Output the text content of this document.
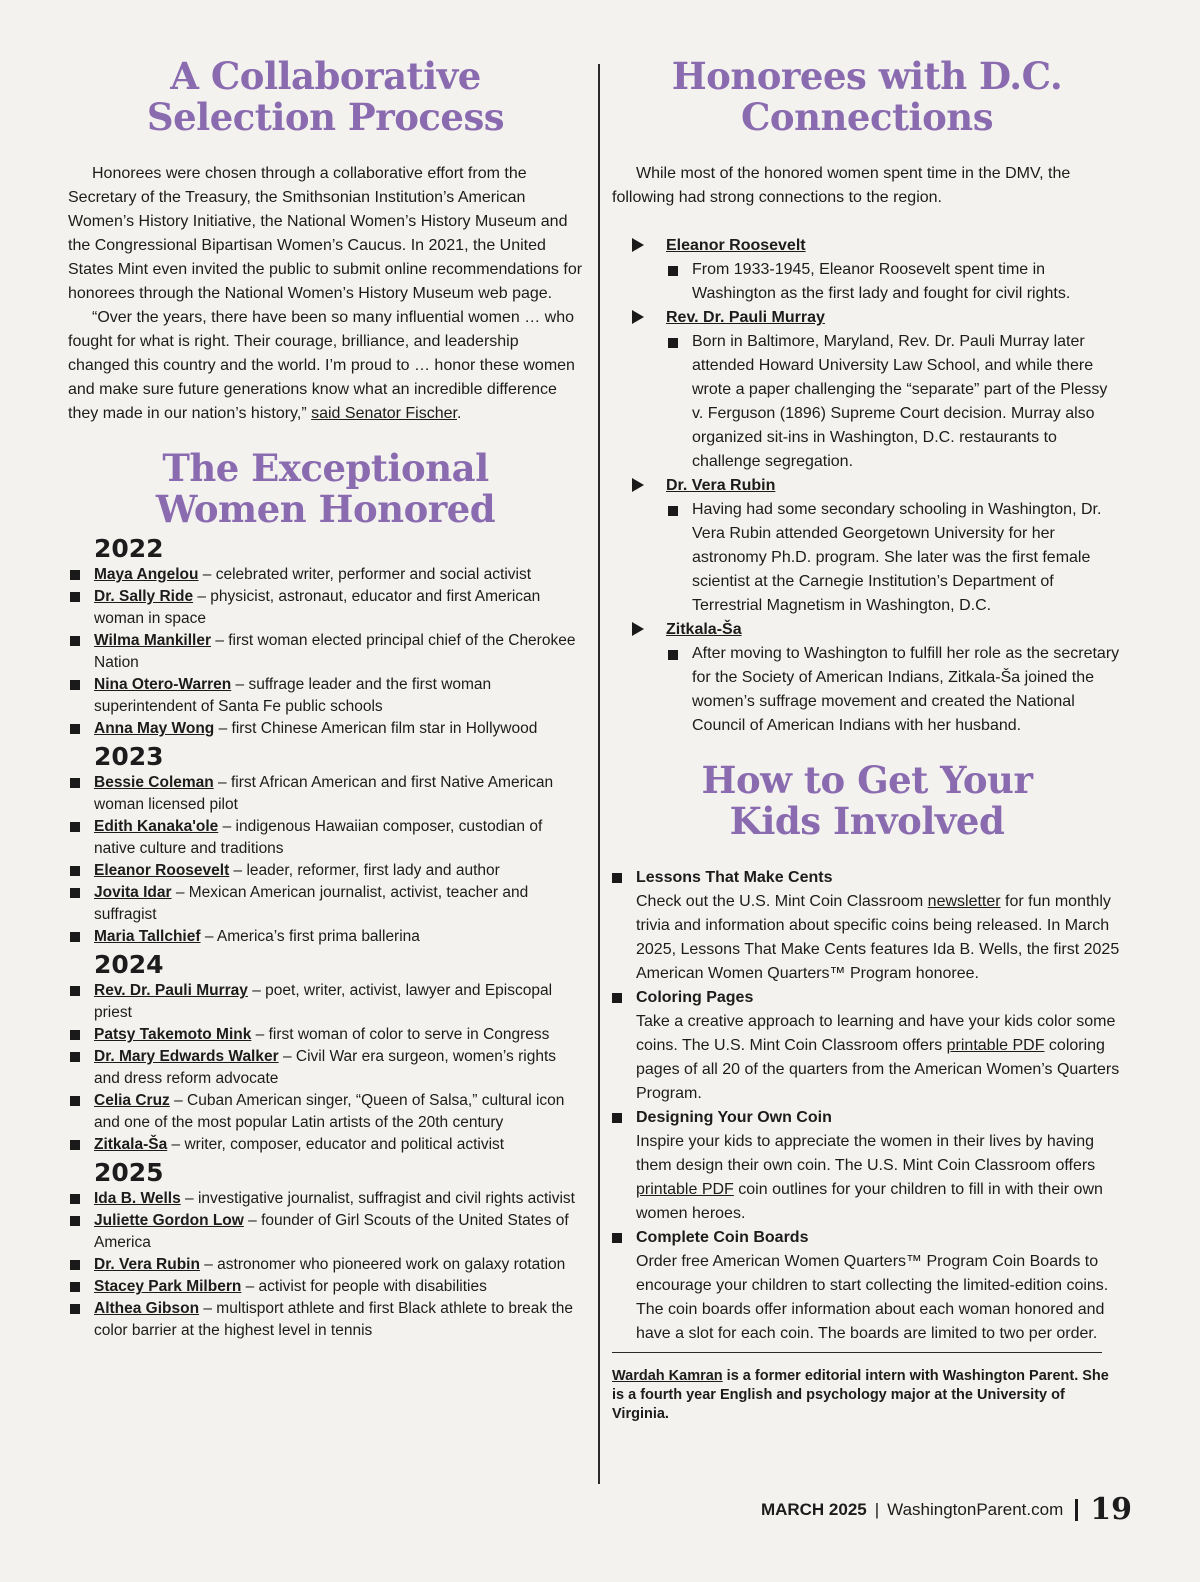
A Collaborative
Selection Process

Honorees were chosen through a collaborative effort from the Secretary of the Treasury, the Smithsonian Institution’s American Women’s History Initiative, the National Women’s History Museum and the Congressional Bipartisan Women’s Caucus. In 2021, the United States Mint even invited the public to submit online recommendations for honorees through the National Women’s History Museum web page.

“Over the years, there have been so many influential women … who fought for what is right. Their courage, brilliance, and leadership changed this country and the world. I’m proud to … honor these women and make sure future generations know what an incredible difference they made in our nation’s history,” said Senator Fischer.

The Exceptional
Women Honored
2022
Maya Angelou – celebrated writer, performer and social activist
Dr. Sally Ride – physicist, astronaut, educator and first American woman in space
Wilma Mankiller – first woman elected principal chief of the Cherokee Nation
Nina Otero-Warren – suffrage leader and the first woman superintendent of Santa Fe public schools
Anna May Wong – first Chinese American film star in Hollywood
2023
Bessie Coleman – first African American and first Native American woman licensed pilot
Edith Kanaka'ole – indigenous Hawaiian composer, custodian of native culture and traditions
Eleanor Roosevelt – leader, reformer, first lady and author
Jovita Idar – Mexican American journalist, activist, teacher and suffragist
Maria Tallchief – America’s first prima ballerina
2024
Rev. Dr. Pauli Murray – poet, writer, activist, lawyer and Episcopal priest
Patsy Takemoto Mink – first woman of color to serve in Congress
Dr. Mary Edwards Walker – Civil War era surgeon, women’s rights and dress reform advocate
Celia Cruz – Cuban American singer, “Queen of Salsa,” cultural icon and one of the most popular Latin artists of the 20th century
Zitkala-Ša – writer, composer, educator and political activist
2025
Ida B. Wells – investigative journalist, suffragist and civil rights activist
Juliette Gordon Low – founder of Girl Scouts of the United States of America
Dr. Vera Rubin – astronomer who pioneered work on galaxy rotation
Stacey Park Milbern – activist for people with disabilities
Althea Gibson – multisport athlete and first Black athlete to break the color barrier at the highest level in tennis
Honorees with D.C.
Connections

While most of the honored women spent time in the DMV, the following had strong connections to the region.

Eleanor Roosevelt
From 1933-1945, Eleanor Roosevelt spent time in Washington as the first lady and fought for civil rights.
Rev. Dr. Pauli Murray
Born in Baltimore, Maryland, Rev. Dr. Pauli Murray later attended Howard University Law School, and while there wrote a paper challenging the “separate” part of the Plessy v. Ferguson (1896) Supreme Court decision. Murray also organized sit-ins in Washington, D.C. restaurants to challenge segregation.
Dr. Vera Rubin
Having had some secondary schooling in Washington, Dr. Vera Rubin attended Georgetown University for her astronomy Ph.D. program. She later was the first female scientist at the Carnegie Institution’s Department of Terrestrial Magnetism in Washington, D.C.
Zitkala-Ša
After moving to Washington to fulfill her role as the secretary for the Society of American Indians, Zitkala-Ša joined the women’s suffrage movement and created the National Council of American Indians with her husband.
How to Get Your
Kids Involved
Lessons That Make Cents
Check out the U.S. Mint Coin Classroom newsletter for fun monthly trivia and information about specific coins being released. In March 2025, Lessons That Make Cents features Ida B. Wells, the first 2025 American Women Quarters™ Program honoree.
Coloring Pages
Take a creative approach to learning and have your kids color some coins. The U.S. Mint Coin Classroom offers printable PDF coloring pages of all 20 of the quarters from the American Women’s Quarters Program.
Designing Your Own Coin
Inspire your kids to appreciate the women in their lives by having them design their own coin. The U.S. Mint Coin Classroom offers printable PDF coin outlines for your children to fill in with their own women heroes.
Complete Coin Boards
Order free American Women Quarters™ Program Coin Boards to encourage your children to start collecting the limited-edition coins. The coin boards offer information about each woman honored and have a slot for each coin. The boards are limited to two per order.

Wardah Kamran is a former editorial intern with Washington Parent. She is a fourth year English and psychology major at the University of Virginia.

MARCH 2025 | WashingtonParent.com 19
